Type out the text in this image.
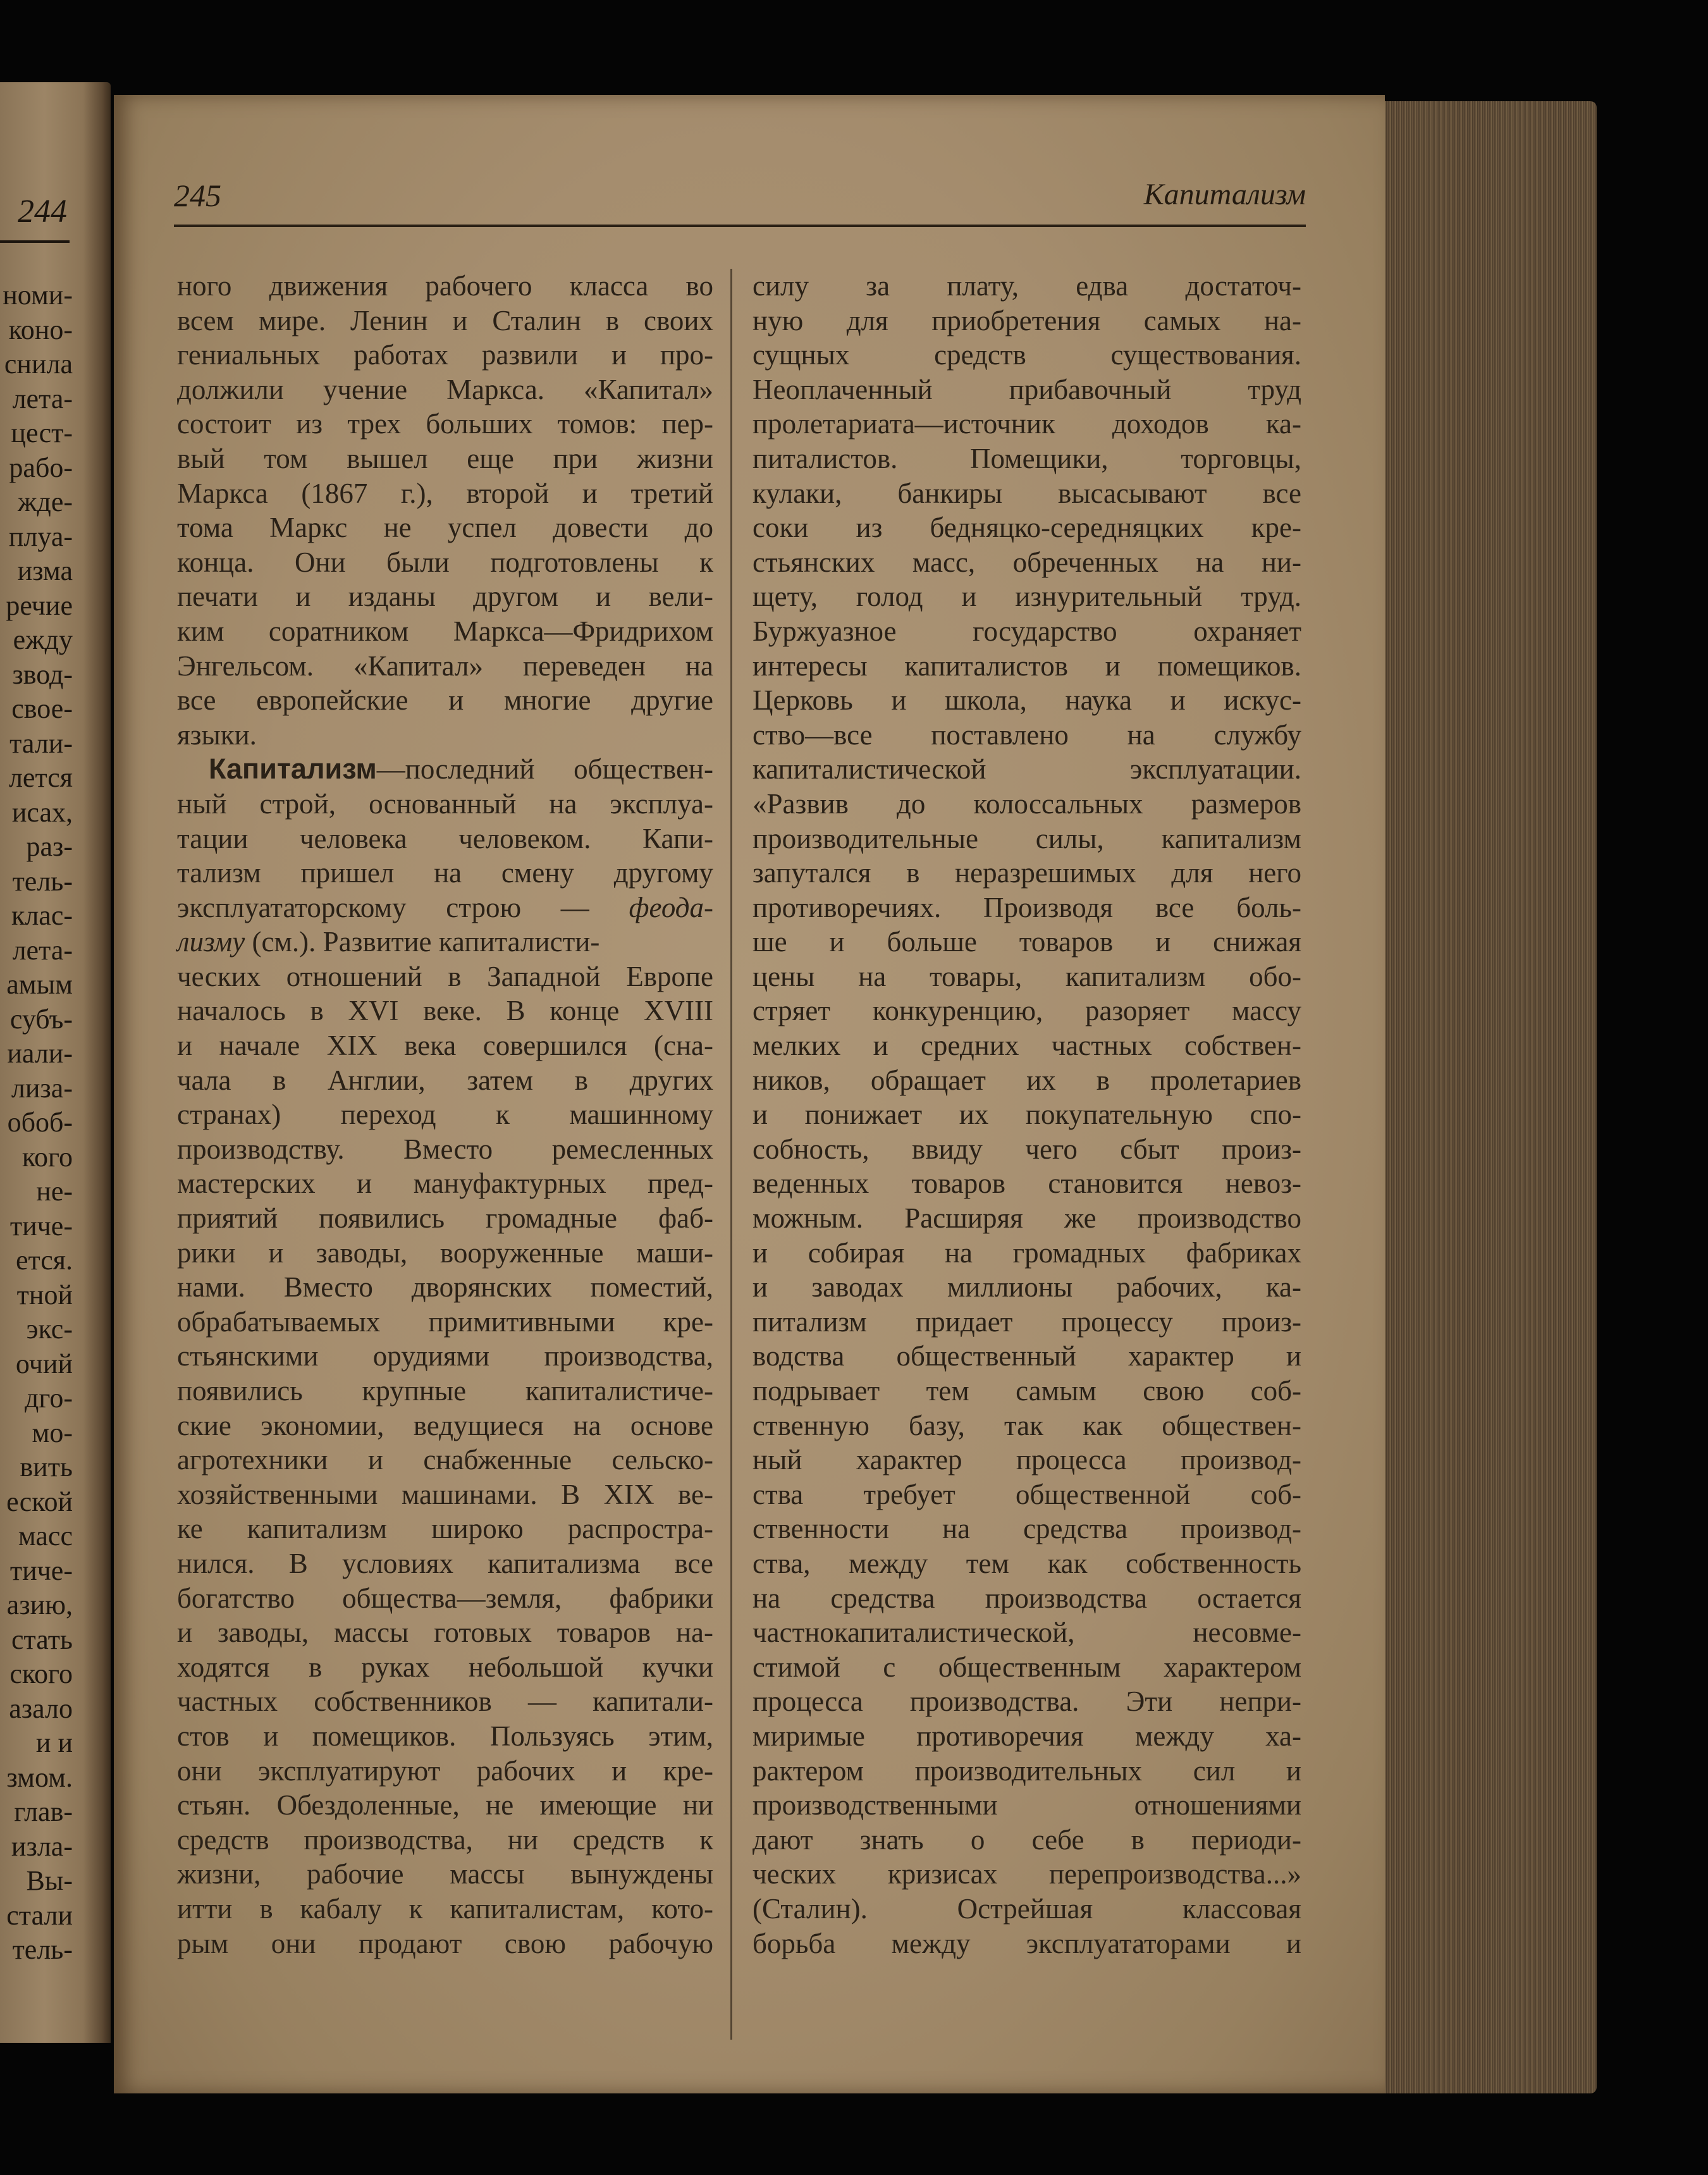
244
номи-
коно-
снила
лета-
цест-
рабо-
жде-
плуа-
изма
речие
ежду
звод-
свое-
тали-
лется
исах,
раз-
тель-
клас-
лета-
амым
субъ-
иали-
лиза-
обоб-
кого
не-
тиче-
ется.
тной
экс-
очий
дго-
мо-
вить
еской
масс
тиче-
азию,
стать
ского
азало
и и
змом.
глав-
изла-
Вы-
стали
тель-
245	Капитализм
ного движения рабочего класса во
всем мире. Ленин и Сталин в своих
гениальных работах развили и про-
должили учение Маркса. «Капитал»
состоит из трех больших томов: пер-
вый том вышел еще при жизни
Маркса (1867 г.), второй и третий
тома Маркс не успел довести до
конца. Они были подготовлены к
печати и изданы другом и вели-
ким соратником Маркса—Фридрихом
Энгельсом. «Капитал» переведен на
все европейские и многие другие
языки.
Капитализм—последний обществен-
ный строй, основанный на эксплуа-
тации человека человеком. Капи-
тализм пришел на смену другому
эксплуататорскому строю — феода-
лизму (см.). Развитие капиталисти-
ческих отношений в Западной Европе
началось в XVI веке. В конце XVIII
и начале XIX века совершился (сна-
чала в Англии, затем в других
странах) переход к машинному
производству. Вместо ремесленных
мастерских и мануфактурных пред-
приятий появились громадные фаб-
рики и заводы, вооруженные маши-
нами. Вместо дворянских поместий,
обрабатываемых примитивными кре-
стьянскими орудиями производства,
появились крупные капиталистиче-
ские экономии, ведущиеся на основе
агротехники и снабженные сельско-
хозяйственными машинами. В XIX ве-
ке капитализм широко распростра-
нился. В условиях капитализма все
богатство общества—земля, фабрики
и заводы, массы готовых товаров на-
ходятся в руках небольшой кучки
частных собственников — капитали-
стов и помещиков. Пользуясь этим,
они эксплуатируют рабочих и кре-
стьян. Обездоленные, не имеющие ни
средств производства, ни средств к
жизни, рабочие массы вынуждены
итти в кабалу к капиталистам, кото-
рым они продают свою рабочую
силу за плату, едва достаточ-
ную для приобретения самых на-
сущных средств существования.
Неоплаченный прибавочный труд
пролетариата—источник доходов ка-
питалистов. Помещики, торговцы,
кулаки, банкиры высасывают все
соки из бедняцко-середняцких кре-
стьянских масс, обреченных на ни-
щету, голод и изнурительный труд.
Буржуазное государство охраняет
интересы капиталистов и помещиков.
Церковь и школа, наука и искус-
ство—все поставлено на службу
капиталистической эксплуатации.
«Развив до колоссальных размеров
производительные силы, капитализм
запутался в неразрешимых для него
противоречиях. Производя все боль-
ше и больше товаров и снижая
цены на товары, капитализм обо-
стряет конкуренцию, разоряет массу
мелких и средних частных собствен-
ников, обращает их в пролетариев
и понижает их покупательную спо-
собность, ввиду чего сбыт произ-
веденных товаров становится невоз-
можным. Расширяя же производство
и собирая на громадных фабриках
и заводах миллионы рабочих, ка-
питализм придает процессу произ-
водства общественный характер и
подрывает тем самым свою соб-
ственную базу, так как обществен-
ный характер процесса производ-
ства требует общественной соб-
ственности на средства производ-
ства, между тем как собственность
на средства производства остается
частнокапиталистической, несовме-
стимой с общественным характером
процесса производства. Эти непри-
миримые противоречия между ха-
рактером производительных сил и
производственными отношениями
дают знать о себе в периоди-
ческих кризисах перепроизводства...»
(Сталин). Острейшая классовая
борьба между эксплуататорами и
